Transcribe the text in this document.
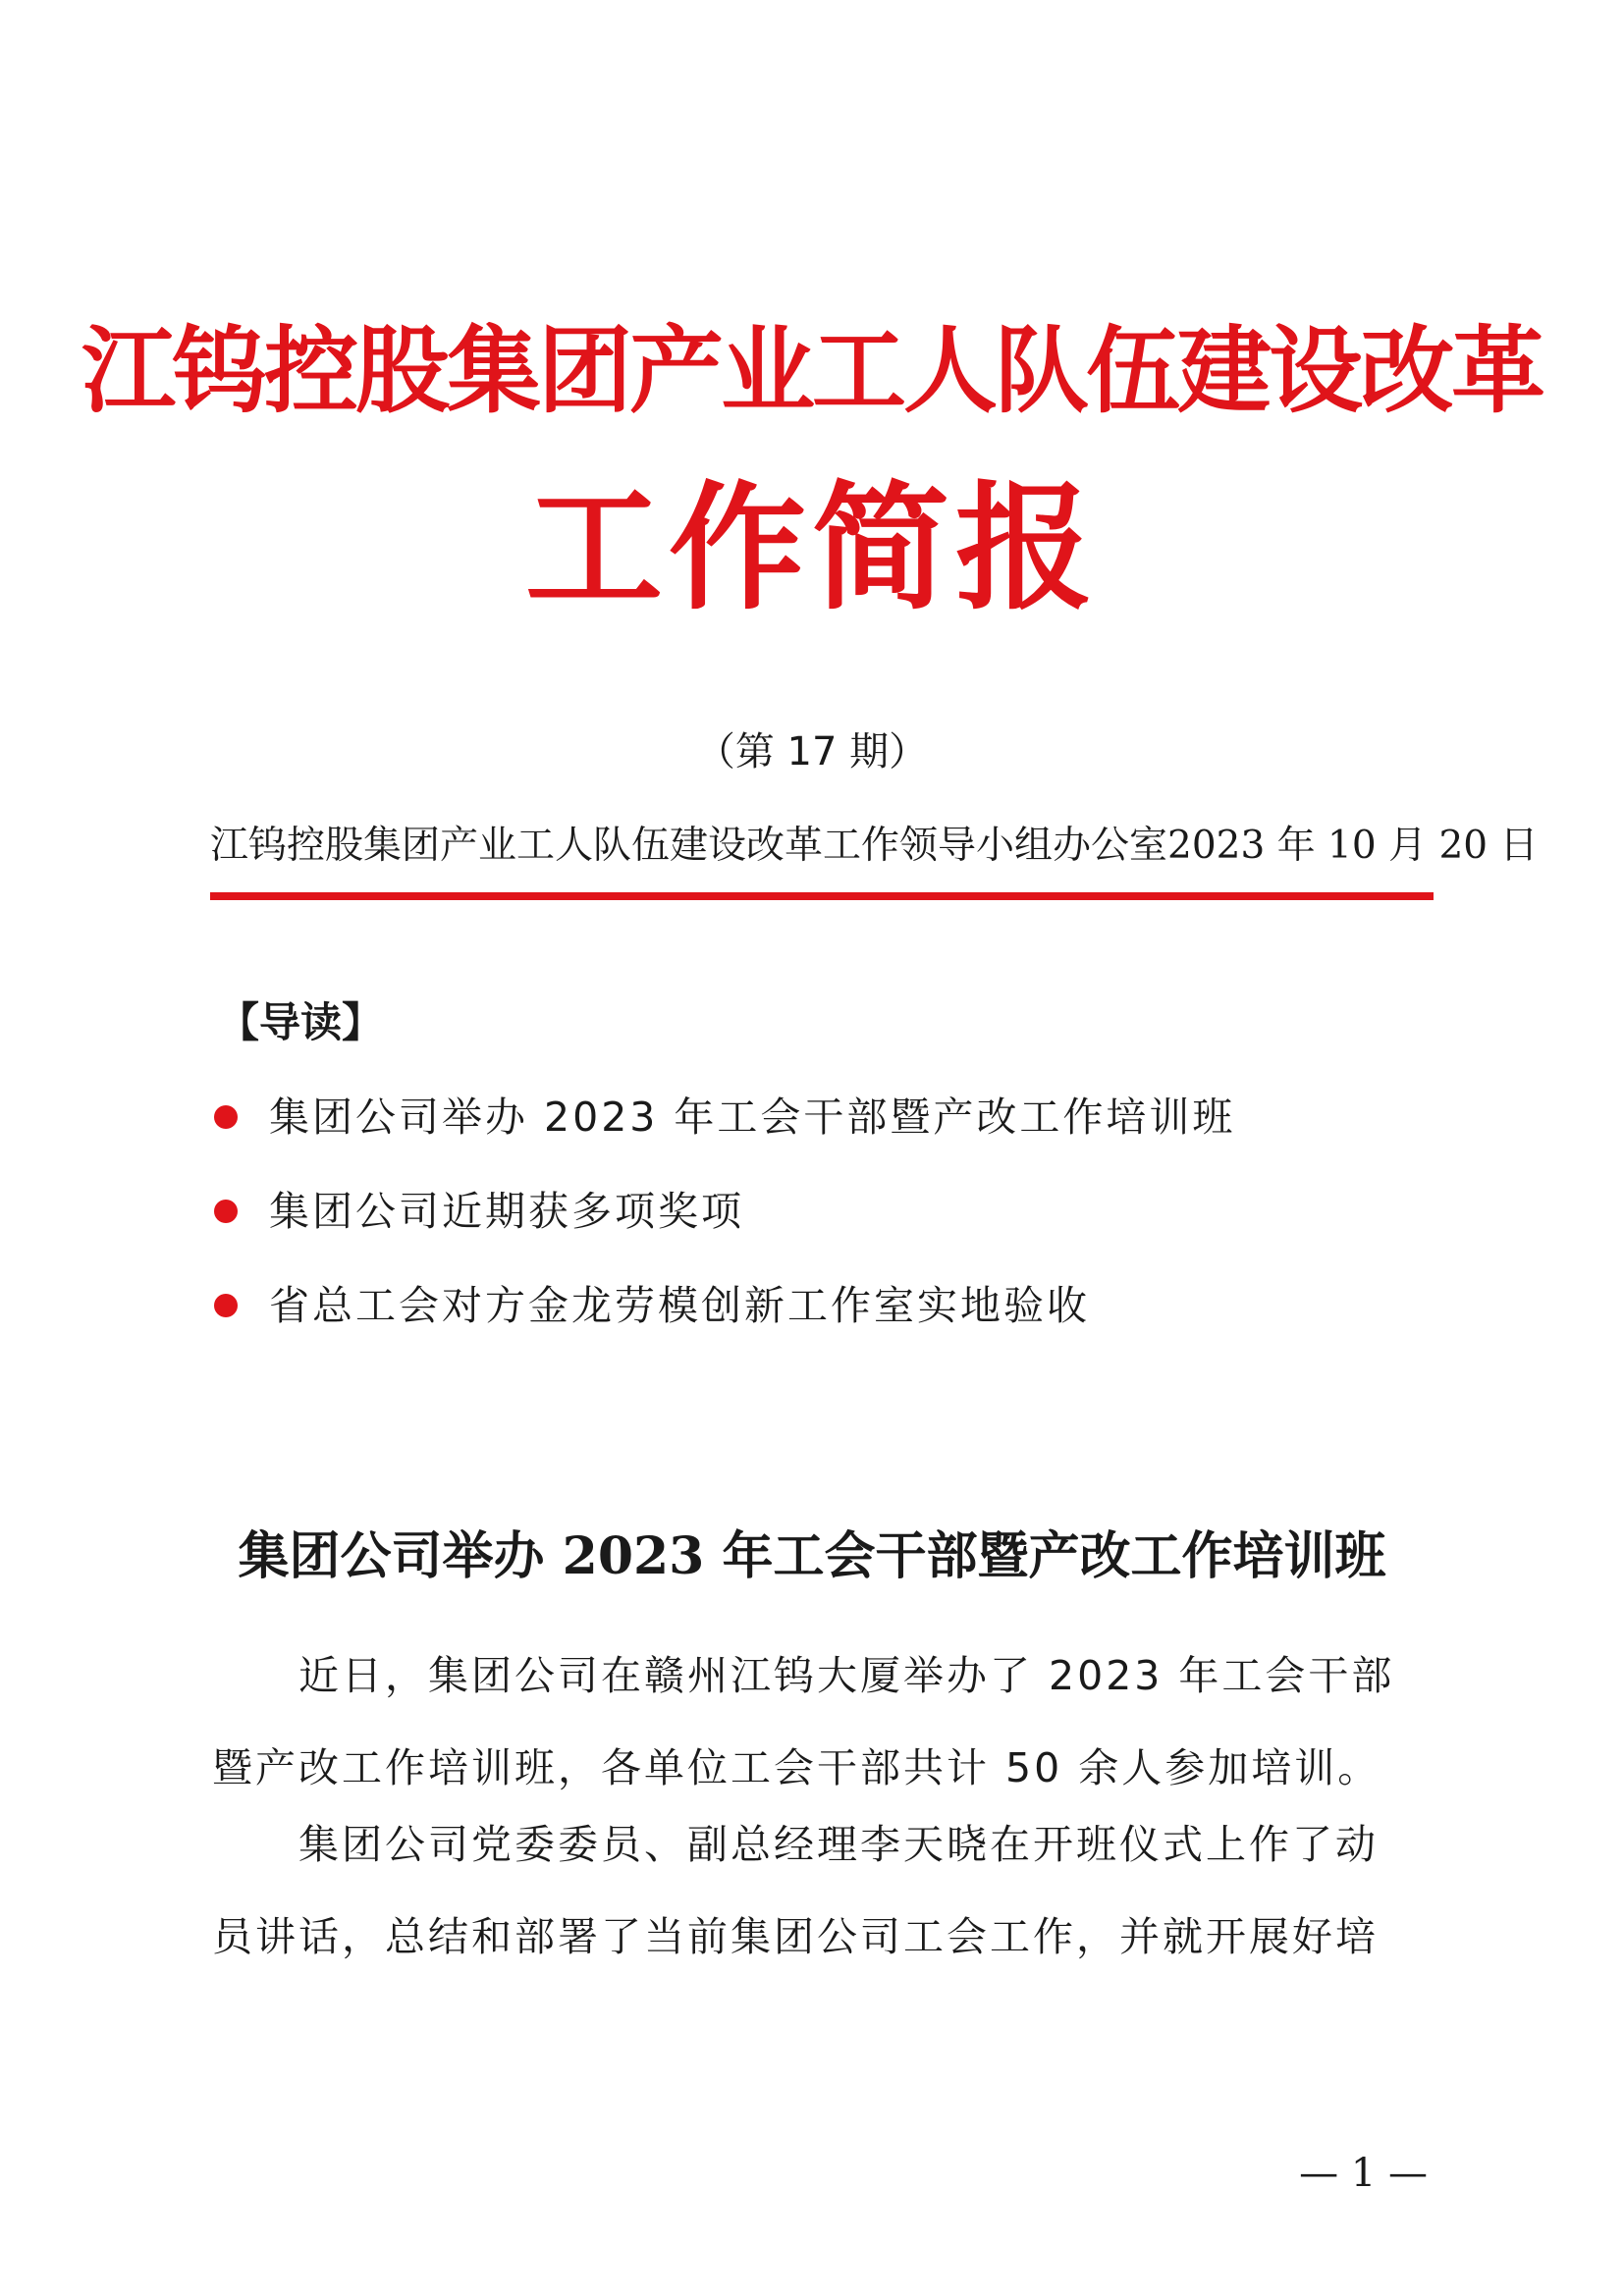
江钨控股集团产业工人队伍建设改革
工作简报
（第 17 期）
江钨控股集团产业工人队伍建设改革工作领导小组办公室 2023 年 10 月 20 日
【导读】
集团公司举办 2023 年工会干部暨产改工作培训班
集团公司近期获多项奖项
省总工会对方金龙劳模创新工作室实地验收
集团公司举办 2023 年工会干部暨产改工作培训班
近日，集团公司在赣州江钨大厦举办了 2023 年工会干部暨产改工作培训班，各单位工会干部共计 50 余人参加培训。
集团公司党委委员、副总经理李天晓在开班仪式上作了动员讲话，总结和部署了当前集团公司工会工作，并就开展好培
— 1 —
